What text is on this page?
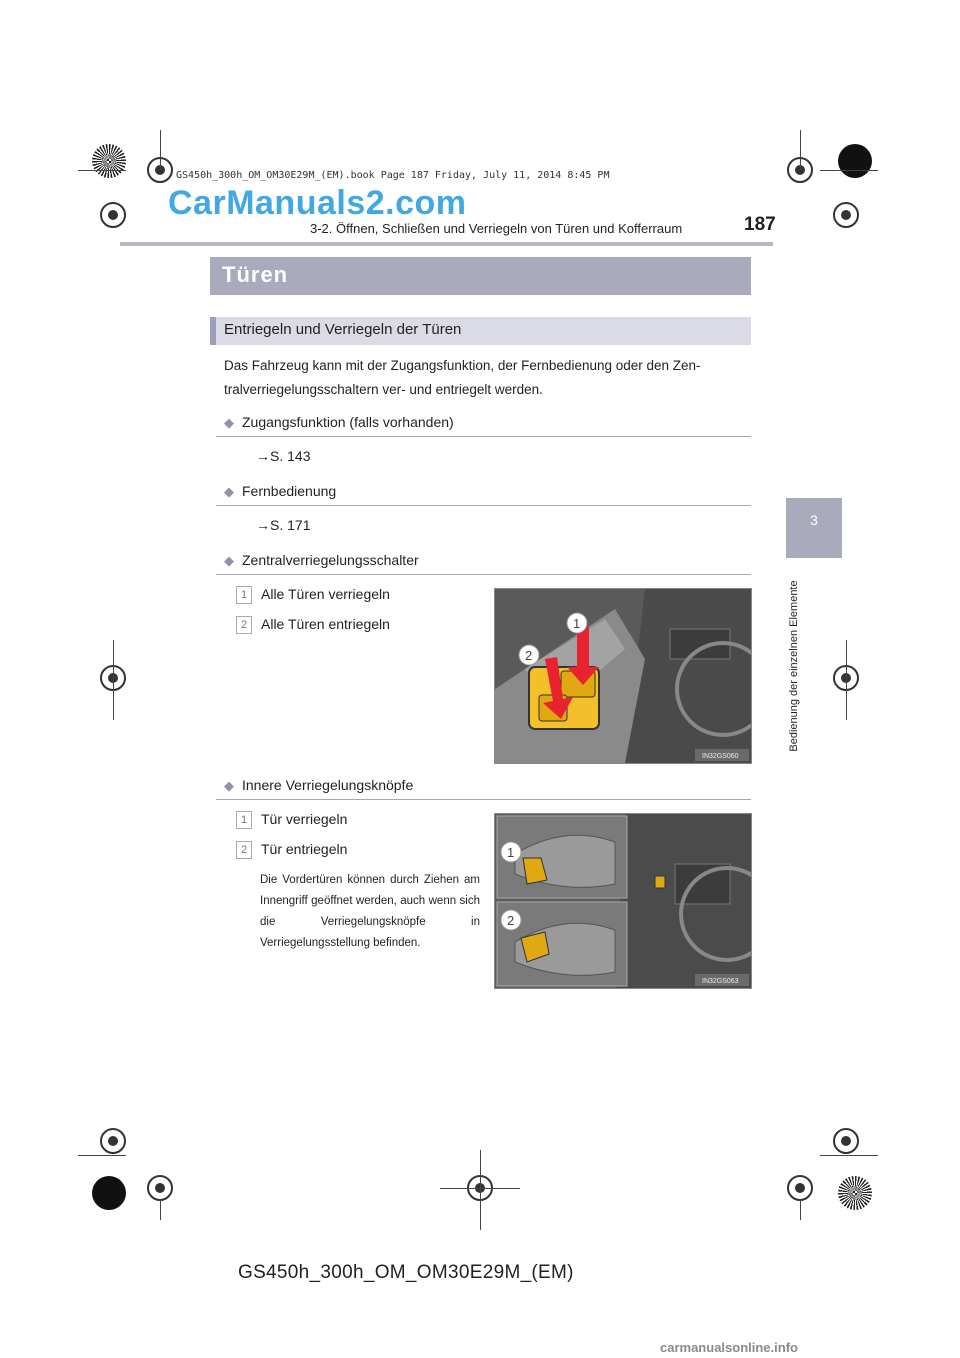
GS450h_300h_OM_OM30E29M_(EM).book Page 187 Friday, July 11, 2014 8:45 PM
CarManuals2.com
3-2. Öffnen, Schließen und Verriegeln von Türen und Kofferraum	187
3
Bedienung der einzelnen Elemente
Türen
Entriegeln und Verriegeln der Türen
Das Fahrzeug kann mit der Zugangsfunktion, der Fernbedienung oder den Zen-tralverriegelungsschaltern ver- und entriegelt werden.
◆ Zugangsfunktion (falls vorhanden)
→S. 143
◆ Fernbedienung
→S. 171
◆ Zentralverriegelungsschalter
1 Alle Türen verriegeln
2 Alle Türen entriegeln	1
2
IN32GS060
◆ Innere Verriegelungsknöpfe
1 Tür verriegeln
2 Tür entriegeln
Die Vordertüren können durch Ziehen am Innengriff geöffnet werden, auch wenn sich die Verriegelungsknöpfe in Verriegelungsstellung befinden.
1
2
IN32GS063
GS450h_300h_OM_OM30E29M_(EM)
carmanualsonline.info
